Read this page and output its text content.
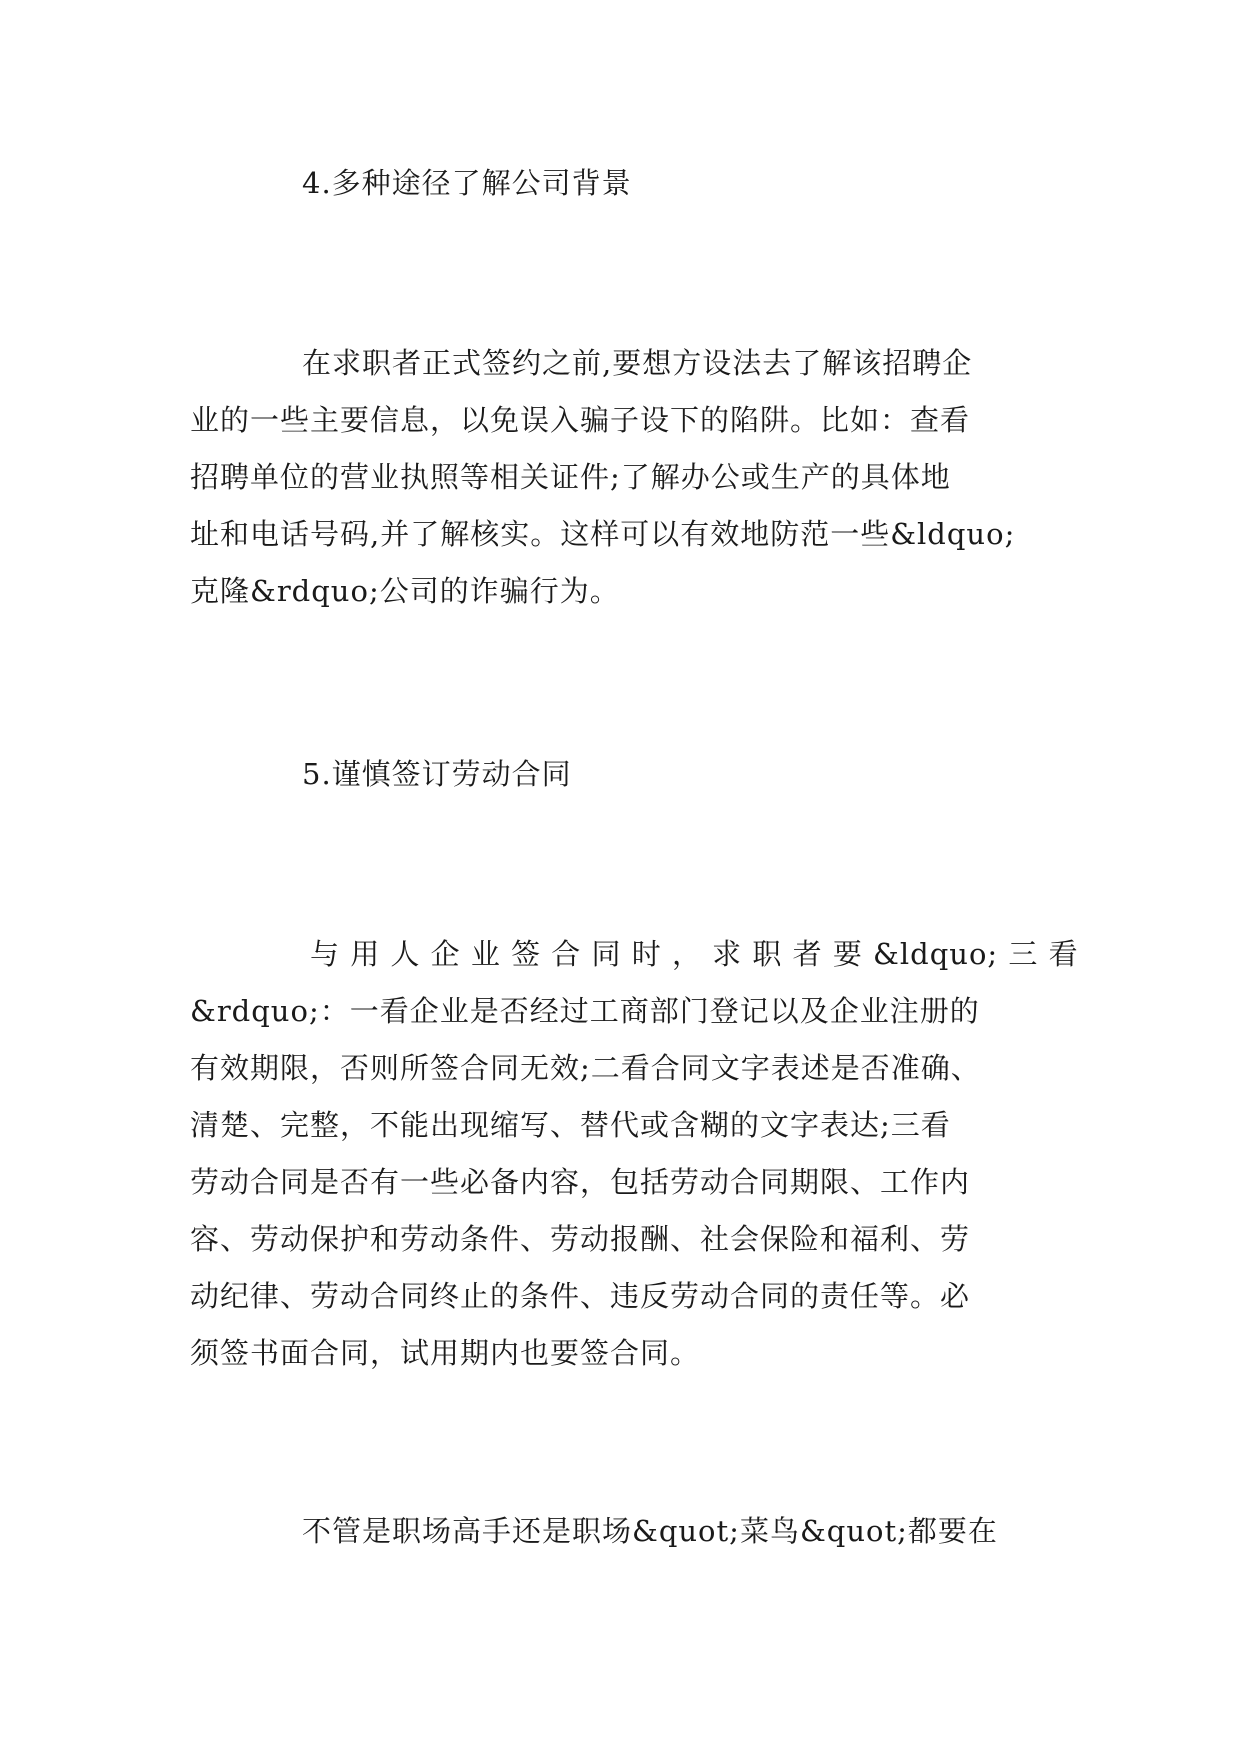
4.多种途径了解公司背景
在求职者正式签约之前,要想方设法去了解该招聘企
业的一些主要信息，以免误入骗子设下的陷阱。比如：查看
招聘单位的营业执照等相关证件;了解办公或生产的具体地
址和电话号码,并了解核实。这样可以有效地防范一些&ldquo;
克隆&rdquo;公司的诈骗行为。
5.谨慎签订劳动合同
与 用 人 企 业 签 合 同 时 ， 求 职 者 要 &ldquo; 三 看
&rdquo;：一看企业是否经过工商部门登记以及企业注册的
有效期限，否则所签合同无效;二看合同文字表述是否准确、
清楚、完整，不能出现缩写、替代或含糊的文字表达;三看
劳动合同是否有一些必备内容，包括劳动合同期限、工作内
容、劳动保护和劳动条件、劳动报酬、社会保险和福利、劳
动纪律、劳动合同终止的条件、违反劳动合同的责任等。必
须签书面合同，试用期内也要签合同。
不管是职场高手还是职场&quot;菜鸟&quot;都要在
